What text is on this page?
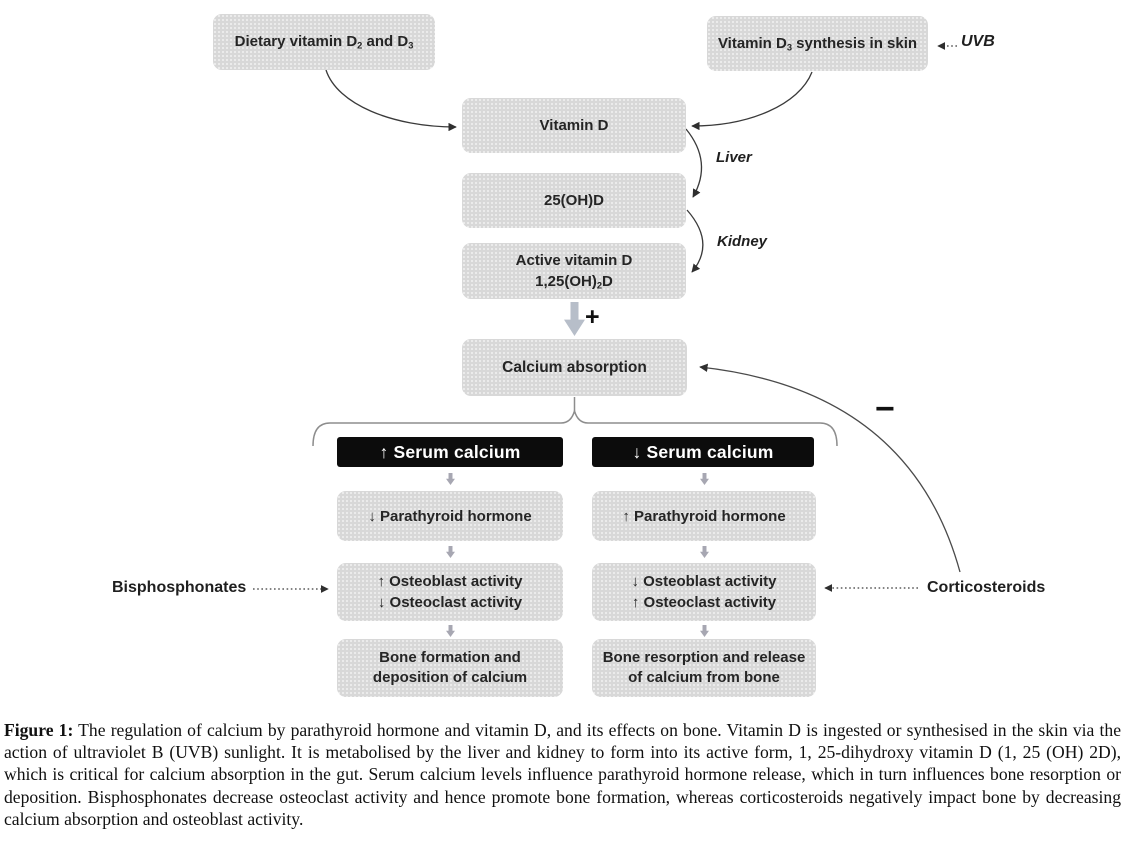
Dietary vitamin $D_2$ and $D_3$	Vitamin $D_3$ synthesis in skin	UVB
Vitamin D
Liver
25(OH)D
Kidney
Active vitamin D
$1,25(OH)_2D$
+
Calcium absorption
−
↑ Serum calcium	↓ Serum calcium
↓ Parathyroid hormone	↑ Parathyroid hormone
Bisphosphonates	↑ Osteoblast activity
↓ Osteoclast activity
↓ Osteoblast activity
↑ Osteoclast activity
Corticosteroids
Bone formation and
deposition of calcium
Bone resorption and release
of calcium from bone
Figure 1: The regulation of calcium by parathyroid hormone and vitamin D, and its effects on bone. Vitamin D is ingested or synthesised in the skin via the action of ultraviolet B (UVB) sunlight. It is metabolised by the liver and kidney to form into its active form, 1, 25-dihydroxy vitamin D (1, 25 (OH) 2D), which is critical for calcium absorption in the gut. Serum calcium levels influence parathyroid hormone release, which in turn influences bone resorption or deposition. Bisphosphonates decrease osteoclast activity and hence promote bone formation, whereas corticosteroids negatively impact bone by decreasing calcium absorption and osteoblast activity.
